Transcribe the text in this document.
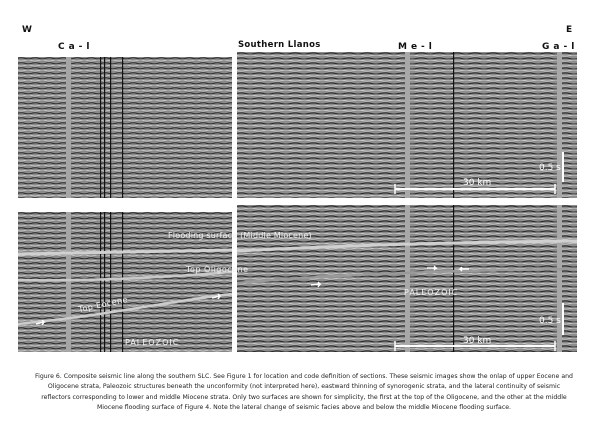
W	E
Ca-l	Southern Llanos	Me-l	Ga-l
30 km
0.5 s
30 km
0.5 s
Flooding surface (Middle Miocene)
Top Oligocene
Top Eocene
PALEOZOIC
PALEOZOIC
Figure 6. Composite seismic line along the southern SLC. See Figure 1 for location and code definition of sections. These seismic images show the onlap of upper Eocene and Oligocene strata, Paleozoic structures beneath the unconformity (not interpreted here), eastward thinning of synorogenic strata, and the lateral continuity of seismic reflectors corresponding to lower and middle Miocene strata. Only two surfaces are shown for simplicity, the first at the top of the Oligocene, and the other at the middle Miocene flooding surface of Figure 4. Note the lateral change of seismic facies above and below the middle Miocene flooding surface.
